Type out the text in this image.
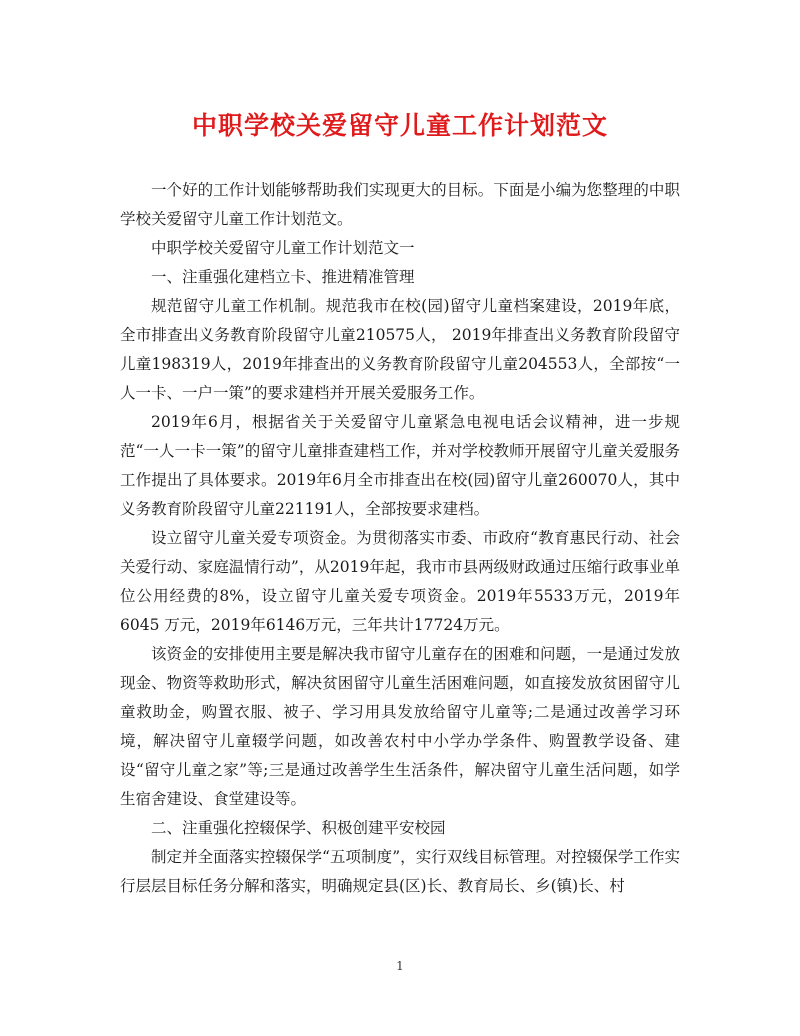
中职学校关爱留守儿童工作计划范文

一个好的工作计划能够帮助我们实现更大的目标。下面是小编为您整理的中职学校关爱留守儿童工作计划范文。

中职学校关爱留守儿童工作计划范文一

一、注重强化建档立卡、推进精准管理

规范留守儿童工作机制。规范我市在校(园)留守儿童档案建设，2019年底，全市排查出义务教育阶段留守儿童210575人， 2019年排查出义务教育阶段留守儿童198319人，2019年排查出的义务教育阶段留守儿童204553人，全部按“一人一卡、一户一策”的要求建档并开展关爱服务工作。

2019年6月，根据省关于关爱留守儿童紧急电视电话会议精神，进一步规范“一人一卡一策”的留守儿童排查建档工作，并对学校教师开展留守儿童关爱服务工作提出了具体要求。2019年6月全市排查出在校(园)留守儿童260070人，其中义务教育阶段留守儿童221191人，全部按要求建档。

设立留守儿童关爱专项资金。为贯彻落实市委、市政府“教育惠民行动、社会关爱行动、家庭温情行动”，从2019年起，我市市县两级财政通过压缩行政事业单位公用经费的8%，设立留守儿童关爱专项资金。2019年5533万元，2019年6045 万元，2019年6146万元，三年共计17724万元。

该资金的安排使用主要是解决我市留守儿童存在的困难和问题，一是通过发放现金、物资等救助形式，解决贫困留守儿童生活困难问题，如直接发放贫困留守儿童救助金，购置衣服、被子、学习用具发放给留守儿童等;二是通过改善学习环境，解决留守儿童辍学问题，如改善农村中小学办学条件、购置教学设备、建设“留守儿童之家”等;三是通过改善学生生活条件，解决留守儿童生活问题，如学生宿舍建设、食堂建设等。

二、注重强化控辍保学、积极创建平安校园

制定并全面落实控辍保学“五项制度”，实行双线目标管理。对控辍保学工作实行层层目标任务分解和落实，明确规定县(区)长、教育局长、乡(镇)长、村

1
